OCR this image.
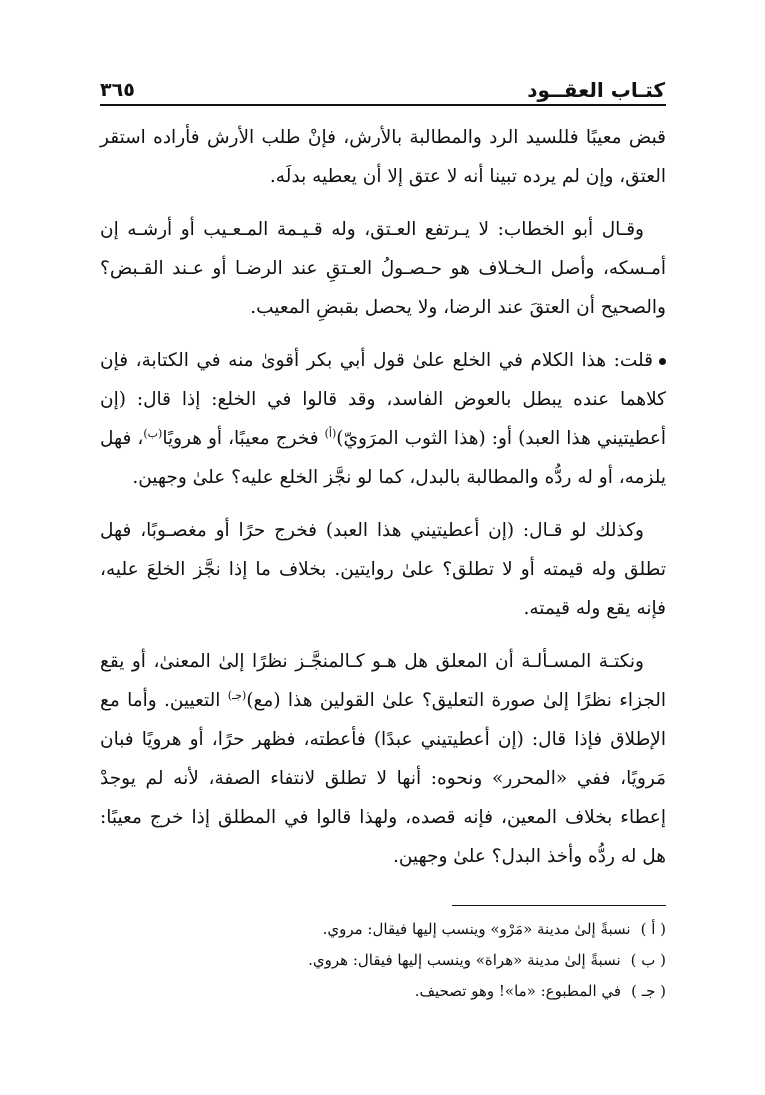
كتـاب العقــود
٣٦٥

قبض معيبًا فللسيد الرد والمطالبة بالأرش، فإنْ طلب الأرش فأراده استقر العتق، وإن لم يرده تبينا أنه لا عتق إلا أن يعطيه بدلَه.

وقـال أبو الخطاب: لا يـرتفع العـتق، وله قـيـمة المـعـيب أو أرشـه إن أمـسكه، وأصل الـخـلاف هو حـصـولُ العـتقِ عند الرضـا أو عـند القـبض؟ والصحيح أن العتقَ عند الرضا، ولا يحصل بقبضِ المعيب.

قلت: هذا الكلام في الخلع علىٰ قول أبي بكر أقوىٰ منه في الكتابة، فإن كلاهما عنده يبطل بالعوض الفاسد، وقد قالوا في الخلع: إذا قال: (إن أعطيتيني هذا العبد) أو: (هذا الثوب المرَويّ)$^{(أ)}$ فخرج معيبًا، أو هرويًا$^{(ب)}$، فهل يلزمه، أو له ردُّه والمطالبة بالبدل، كما لو نجَّز الخلع عليه؟ علىٰ وجهين.

وكذلك لو قـال: (إن أعطيتيني هذا العبد) فخرج حرًا أو مغصـوبًا، فهل تطلق وله قيمته أو لا تطلق؟ علىٰ روايتين. بخلاف ما إذا نجَّز الخلعَ عليه، فإنه يقع وله قيمته.

ونكتـة المسـألـة أن المعلق هل هـو كـالمنجَّـز نظرًا إلىٰ المعنىٰ، أو يقع الجزاء نظرًا إلىٰ صورة التعليق؟ علىٰ القولين هذا (مع)$^{(جـ)}$ التعيين. وأما مع الإطلاق فإذا قال: (إن أعطيتيني عبدًا) فأعطته، فظهر حرًا، أو هرويًا فبان مَرويًا، ففي «المحرر» ونحوه: أنها لا تطلق لانتفاء الصفة، لأنه لم يوجدْ إعطاء بخلاف المعين، فإنه قصده، ولهذا قالوا في المطلق إذا خرج معيبًا: هل له ردُّه وأخذ البدل؟ علىٰ وجهين.

( أ )
نسبةً إلىٰ مدينة «مَرْو» وينسب إليها فيقال: مروي.
( ب )
نسبةً إلىٰ مدينة «هراة» وينسب إليها فيقال: هروي.
( جـ )
في المطبوع: «ما»! وهو تصحيف.
